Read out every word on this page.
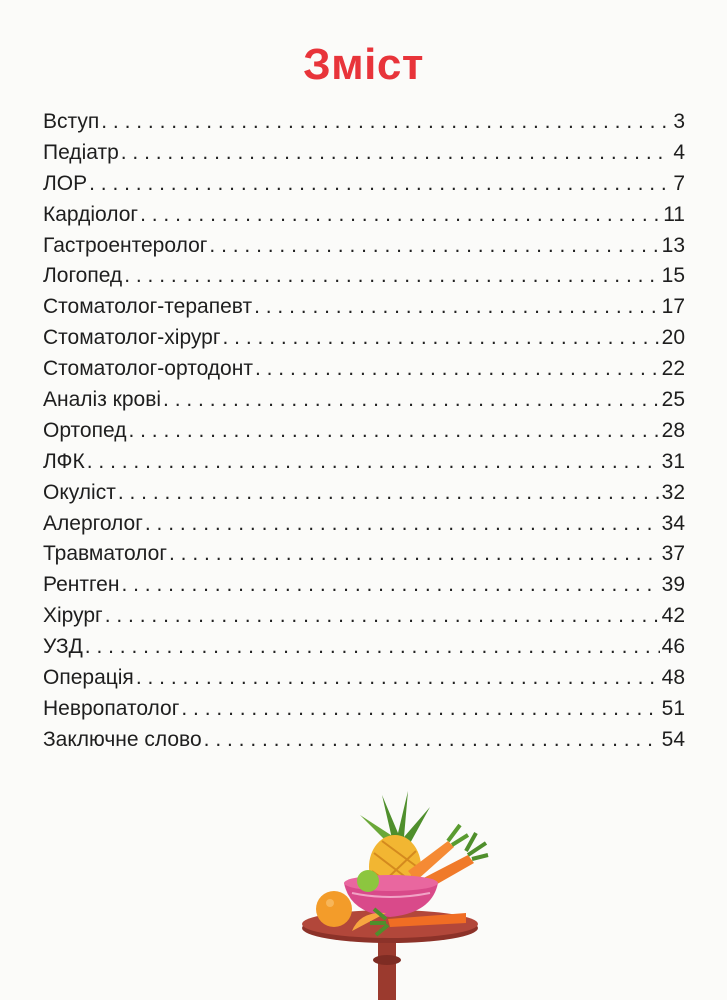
Зміст
Вступ . . .	3
Педіатр . . .	4
ЛОР . . .	7
Кардіолог . . .	11
Гастроентеролог . . .	13
Логопед . . .	15
Стоматолог-терапевт . . .	17
Стоматолог-хірург . . .	20
Стоматолог-ортодонт . . .	22
Аналіз крові . . .	25
Ортопед . . .	28
ЛФК . . .	31
Окуліст . . .	32
Алерголог . . .	34
Травматолог . . .	37
Рентген . . .	39
Хірург . . .	42
УЗД . . .	46
Операція . . .	48
Невропатолог . . .	51
Заключне слово . . .	54
